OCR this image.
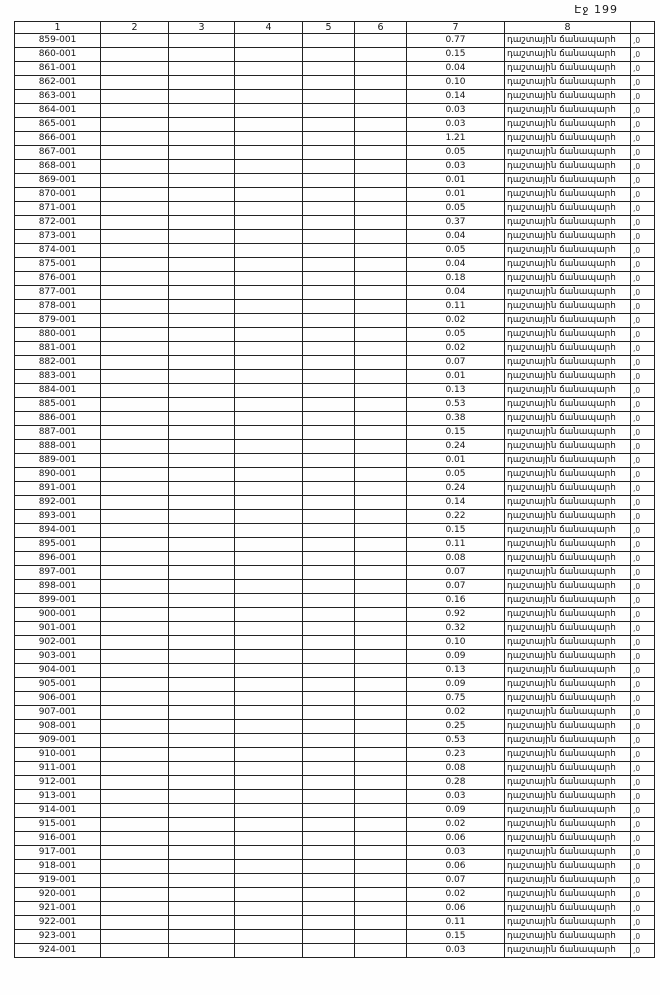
Էջ 199
1	2	3	4	5	6	7	8	
859-001						0.77	դաշտային ճանապարհ	,0
860-001						0.15	դաշտային ճանապարհ	,0
861-001						0.04	դաշտային ճանապարհ	,0
862-001						0.10	դաշտային ճանապարհ	,0
863-001						0.14	դաշտային ճանապարհ	,0
864-001						0.03	դաշտային ճանապարհ	,0
865-001						0.03	դաշտային ճանապարհ	,0
866-001						1.21	դաշտային ճանապարհ	,0
867-001						0.05	դաշտային ճանապարհ	,0
868-001						0.03	դաշտային ճանապարհ	,0
869-001						0.01	դաշտային ճանապարհ	,0
870-001						0.01	դաշտային ճանապարհ	,0
871-001						0.05	դաշտային ճանապարհ	,0
872-001						0.37	դաշտային ճանապարհ	,0
873-001						0.04	դաշտային ճանապարհ	,0
874-001						0.05	դաշտային ճանապարհ	,0
875-001						0.04	դաշտային ճանապարհ	,0
876-001						0.18	դաշտային ճանապարհ	,0
877-001						0.04	դաշտային ճանապարհ	,0
878-001						0.11	դաշտային ճանապարհ	,0
879-001						0.02	դաշտային ճանապարհ	,0
880-001						0.05	դաշտային ճանապարհ	,0
881-001						0.02	դաշտային ճանապարհ	,0
882-001						0.07	դաշտային ճանապարհ	,0
883-001						0.01	դաշտային ճանապարհ	,0
884-001						0.13	դաշտային ճանապարհ	,0
885-001						0.53	դաշտային ճանապարհ	,0
886-001						0.38	դաշտային ճանապարհ	,0
887-001						0.15	դաշտային ճանապարհ	,0
888-001						0.24	դաշտային ճանապարհ	,0
889-001						0.01	դաշտային ճանապարհ	,0
890-001						0.05	դաշտային ճանապարհ	,0
891-001						0.24	դաշտային ճանապարհ	,0
892-001						0.14	դաշտային ճանապարհ	,0
893-001						0.22	դաշտային ճանապարհ	,0
894-001						0.15	դաշտային ճանապարհ	,0
895-001						0.11	դաշտային ճանապարհ	,0
896-001						0.08	դաշտային ճանապարհ	,0
897-001						0.07	դաշտային ճանապարհ	,0
898-001						0.07	դաշտային ճանապարհ	,0
899-001						0.16	դաշտային ճանապարհ	,0
900-001						0.92	դաշտային ճանապարհ	,0
901-001						0.32	դաշտային ճանապարհ	,0
902-001						0.10	դաշտային ճանապարհ	,0
903-001						0.09	դաշտային ճանապարհ	,0
904-001						0.13	դաշտային ճանապարհ	,0
905-001						0.09	դաշտային ճանապարհ	,0
906-001						0.75	դաշտային ճանապարհ	,0
907-001						0.02	դաշտային ճանապարհ	,0
908-001						0.25	դաշտային ճանապարհ	,0
909-001						0.53	դաշտային ճանապարհ	,0
910-001						0.23	դաշտային ճանապարհ	,0
911-001						0.08	դաշտային ճանապարհ	,0
912-001						0.28	դաշտային ճանապարհ	,0
913-001						0.03	դաշտային ճանապարհ	,0
914-001						0.09	դաշտային ճանապարհ	,0
915-001						0.02	դաշտային ճանապարհ	,0
916-001						0.06	դաշտային ճանապարհ	,0
917-001						0.03	դաշտային ճանապարհ	,0
918-001						0.06	դաշտային ճանապարհ	,0
919-001						0.07	դաշտային ճանապարհ	,0
920-001						0.02	դաշտային ճանապարհ	,0
921-001						0.06	դաշտային ճանապարհ	,0
922-001						0.11	դաշտային ճանապարհ	,0
923-001						0.15	դաշտային ճանապարհ	,0
924-001						0.03	դաշտային ճանապարհ	,0
